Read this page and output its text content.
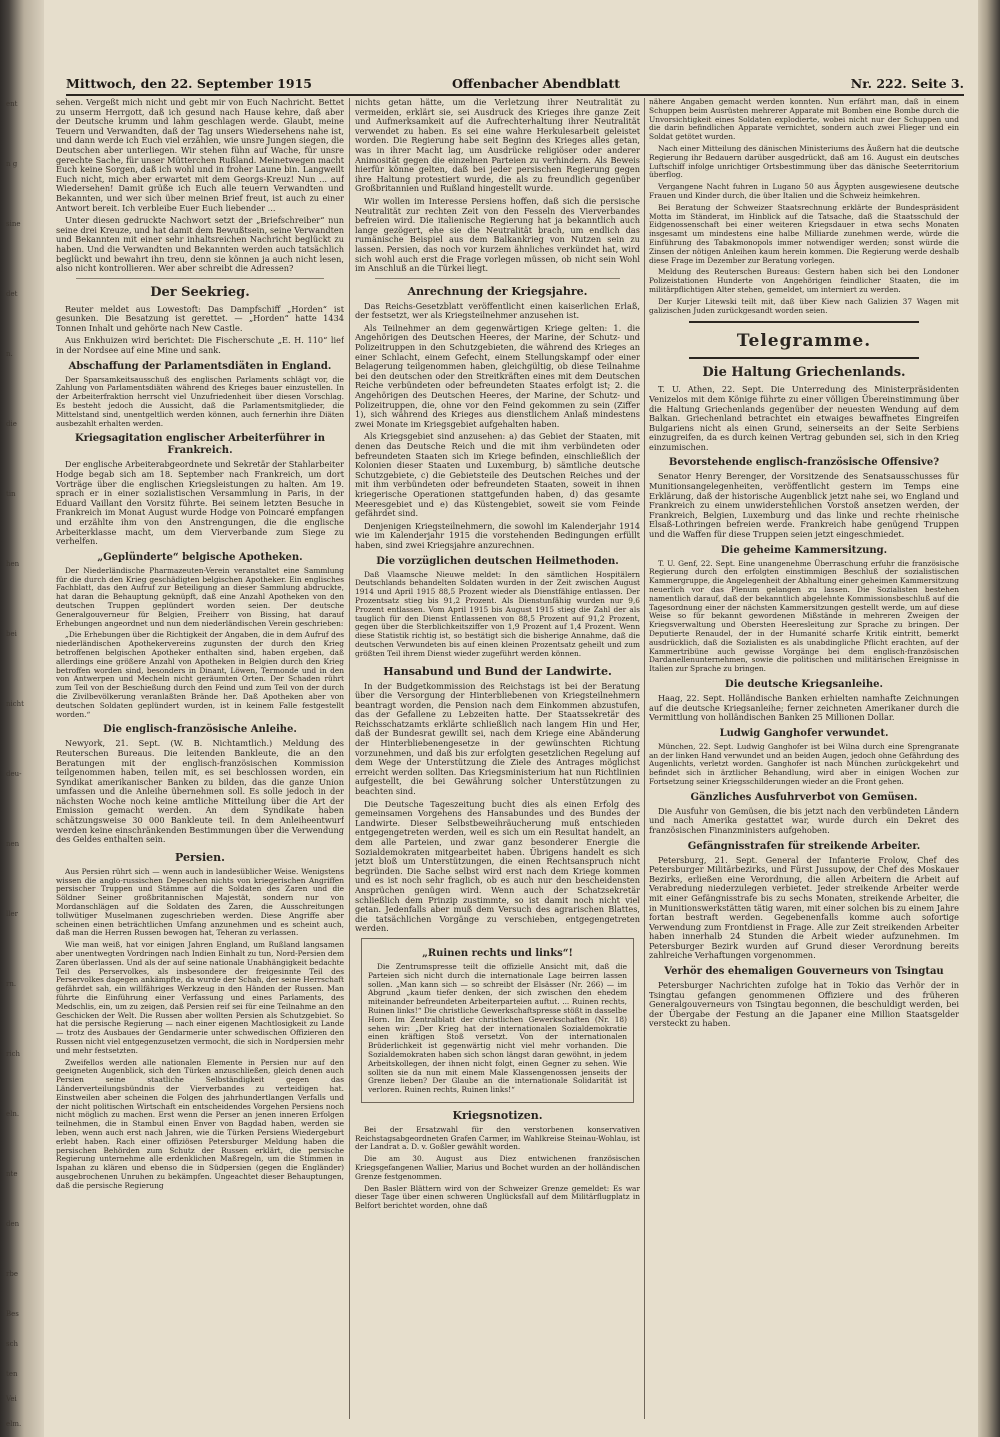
ent
n g
sine
det
n.
die
tin
hen
bei
nicht
deu-
nen
ller
rn.
rich
eln.
nte
den
rbe
Bes
sch
ten
Vei
elm.
Mittwoch, den 22. September 1915	Offenbacher Abendblatt	Nr. 222. Seite 3.

sehen. Vergeßt mich nicht und gebt mir von Euch Nachricht. Bettet zu unserm Herrgott, daß ich gesund nach Hause kehre, daß aber der Deutsche krumm und lahm geschlagen werde. Glaubt, meine Teuern und Verwandten, daß der Tag unsers Wiedersehens nahe ist, und dann werde ich Euch viel erzählen, wie unsre Jungen siegen, die Deutschen aber unterliegen. Wir stehen fühn auf Wache, für unsre gerechte Sache, für unser Mütterchen Rußland. Meinetwegen macht Euch keine Sorgen, daß ich wohl und in froher Laune bin. Langweilt Euch nicht, mich aber erwartet mit dem Georgs-Kreuz! Nun ... auf Wiedersehen! Damit grüße ich Euch alle teuern Verwandten und Bekannten, und wer sich über meinen Brief freut, ist auch zu einer Antwort bereit. Ich verbleibe Euer Euch liebender ...

Unter diesen gedruckte Nachwort setzt der „Briefschreiber“ nun seine drei Kreuze, und hat damit dem Bewußtsein, seine Verwandten und Bekannten mit einer sehr inhaltsreichen Nachricht beglückt zu haben. Und die Verwandten und Bekannten werden auch tatsächlich beglückt und bewahrt ihn treu, denn sie können ja auch nicht lesen, also nicht kontrollieren. Wer aber schreibt die Adressen?

Der Seekrieg.

Reuter meldet aus Lowestoft: Das Dampfschiff „Horden“ ist gesunken. Die Besatzung ist gerettet. — „Horden“ hatte 1434 Tonnen Inhalt und gehörte nach New Castle.

Aus Enkhuizen wird berichtet: Die Fischerschute „E. H. 110“ lief in der Nordsee auf eine Mine und sank.

Abschaffung der Parlamentsdiäten in England.

Der Sparsamkeitsausschuß des englischen Parlaments schlägt vor, die Zahlung von Parlamentsdiäten während des Krieges bauer einzustellen. In der Arbeiterfraktion herrscht viel Unzufriedenheit über diesen Vorschlag. Es besteht jedoch die Aussicht, daß die Parlamentsmitglieder, die Mittelstand sind, unentgeltlich werden können, auch fernerhin ihre Diäten ausbezahlt erhalten werden.

Kriegsagitation englischer Arbeiterführer in Frankreich.

Der englische Arbeiterabgeordnete und Sekretär der Stahlarbeiter Hodge begab sich am 18. September nach Frankreich, um dort Vorträge über die englischen Kriegsleistungen zu halten. Am 19. sprach er in einer sozialistischen Versammlung in Paris, in der Eduard Vaillant den Vorsitz führte. Bei seinem letzten Besuche in Frankreich im Monat August wurde Hodge von Poincaré empfangen und erzählte ihm von den Anstrengungen, die die englische Arbeiterklasse macht, um dem Vierverbande zum Siege zu verhelfen.

„Geplünderte“ belgische Apotheken.

Der Niederländische Pharmazeuten-Verein veranstaltet eine Sammlung für die durch den Krieg geschädigten belgischen Apotheker. Ein englisches Fachblatt, das den Aufruf zur Beteiligung an dieser Sammlung abdruckte, hat daran die Behauptung geknüpft, daß eine Anzahl Apotheken von den deutschen Truppen geplündert worden seien. Der deutsche Generalgouverneur für Belgien, Freiherr von Bissing, hat darauf Erhebungen angeordnet und nun dem niederländischen Verein geschrieben:

„Die Erhebungen über die Richtigkeit der Angaben, die in dem Aufruf des niederländischen Apothekervereins zugunsten der durch den Krieg betroffenen belgischen Apotheker enthalten sind, haben ergeben, daß allerdings eine größere Anzahl von Apotheken in Belgien durch den Krieg betroffen worden sind, besonders in Dinant, Löwen, Termonde und in den von Antwerpen und Mecheln nicht geräumten Orten. Der Schaden rührt zum Teil von der Beschießung durch den Feind und zum Teil von der durch die Zivilbevölkerung veranlaßten Brände her. Daß Apotheken aber von deutschen Soldaten geplündert wurden, ist in keinem Falle festgestellt worden.“

Die englisch-französische Anleihe.

Newyork, 21. Sept. (W. B. Nichtamtlich.) Meldung des Reuterschen Bureaus. Die leitenden Bankleute, die an den Beratungen mit der englisch-französischen Kommission teilgenommen haben, teilen mit, es sei beschlossen worden, ein Syndikat amerikanischer Banken zu bilden, das die ganze Union umfassen und die Anleihe übernehmen soll. Es solle jedoch in der nächsten Woche noch keine amtliche Mitteilung über die Art der Emission gemacht werden. An dem Syndikate haben schätzungsweise 30 000 Bankleute teil. In dem Anleiheentwurf werden keine einschränkenden Bestimmungen über die Verwendung des Geldes enthalten sein.

Persien.

Aus Persien rührt sich — wenn auch in landesüblicher Weise. Wenigstens wissen die anglo-russischen Depeschen nichts von kriegerischen Angriffen persischer Truppen und Stämme auf die Soldaten des Zaren und die Söldner Seiner großbritannischen Majestät, sondern nur von Mordanschlägen auf die Soldaten des Zaren, die Ausschreitungen tollwütiger Muselmanen zugeschrieben werden. Diese Angriffe aber scheinen einen beträchtlichen Umfang anzunehmen und es scheint auch, daß man die Herren Russen bewogen hat, Teheran zu verlassen.

Wie man weiß, hat vor einigen Jahren England, um Rußland langsamen aber unentwegten Vordringen nach Indien Einhalt zu tun, Nord-Persien dem Zaren überlassen. Und als der auf seine nationale Unabhängigkeit bedachte Teil des Perservolkes, als insbesondere der freigesinnte Teil des Perservolkes dagegen ankämpfte, da wurde der Schah, der seine Herrschaft gefährdet sah, ein willfähriges Werkzeug in den Händen der Russen. Man führte die Einführung einer Verfassung und eines Parlaments, des Medschlis, ein, um zu zeigen, daß Persien reif sei für eine Teilnahme an den Geschicken der Welt. Die Russen aber wollten Persien als Schutzgebiet. So hat die persische Regierung — nach einer eigenen Machtlosigkeit zu Lande — trotz des Ausbaues der Gendarmerie unter schwedischen Offizieren den Russen nicht viel entgegenzusetzen vermocht, die sich in Nordpersien mehr und mehr festsetzten.

Zweifellos werden alle nationalen Elemente in Persien nur auf den geeigneten Augenblick, sich den Türken anzuschließen, gleich denen auch Persien seine staatliche Selbständigkeit gegen das Länderverteilungsbündnis der Vierverbandes zu verteidigen hat. Einstweilen aber scheinen die Folgen des jahrhundertlangen Verfalls und der nicht politischen Wirtschaft ein entscheidendes Vorgehen Persiens noch nicht möglich zu machen. Erst wenn die Perser an jenen inneren Erfolgen teilnehmen, die in Stambul einen Enver von Bagdad haben, werden sie leben, wenn auch erst nach Jahren, wie die Türken Persiens Wiedergeburt erlebt haben. Rach einer offiziösen Petersburger Meldung haben die persischen Behörden zum Schutz der Russen erklärt, die persische Regierung unternehme alle erdenklichen Maßregeln, um die Stimmen in Ispahan zu klären und ebenso die in Südpersien (gegen die Engländer) ausgebrochenen Unruhen zu bekämpfen. Ungeachtet dieser Behauptungen, daß die persische Regierung

nichts getan hätte, um die Verletzung ihrer Neutralität zu vermeiden, erklärt sie, sei Ausdruck des Krieges ihre ganze Zeit und Aufmerksamkeit auf die Aufrechterhaltung ihrer Neutralität verwendet zu haben. Es sei eine wahre Herkulesarbeit geleistet worden. Die Regierung habe seit Beginn des Krieges alles getan, was in ihrer Macht lag, um Ausdrücke religiöser oder anderer Animosität gegen die einzelnen Parteien zu verhindern. Als Beweis hierfür könne gelten, daß bei jeder persischen Regierung gegen ihre Haltung protestiert wurde, die als zu freundlich gegenüber Großbritannien und Rußland hingestellt wurde.

Wir wollen im Interesse Persiens hoffen, daß sich die persische Neutralität zur rechten Zeit von den Fesseln des Vierverbandes befreien wird. Die italienische Regierung hat ja bekanntlich auch lange gezögert, ehe sie die Neutralität brach, um endlich das rumänische Beispiel aus dem Balkankrieg von Nutzen sein zu lassen. Persien, das noch vor kurzem ähnliches verkündet hat, wird sich wohl auch erst die Frage vorlegen müssen, ob nicht sein Wohl im Anschluß an die Türkei liegt.

Anrechnung der Kriegsjahre.

Das Reichs-Gesetzblatt veröffentlicht einen kaiserlichen Erlaß, der festsetzt, wer als Kriegsteilnehmer anzusehen ist.

Als Teilnehmer an dem gegenwärtigen Kriege gelten: 1. die Angehörigen des Deutschen Heeres, der Marine, der Schutz- und Polizeitruppen in den Schutzgebieten, die während des Krieges an einer Schlacht, einem Gefecht, einem Stellungskampf oder einer Belagerung teilgenommen haben, gleichgültig, ob diese Teilnahme bei den deutschen oder den Streitkräften eines mit dem Deutschen Reiche verbündeten oder befreundeten Staates erfolgt ist; 2. die Angehörigen des Deutschen Heeres, der Marine, der Schutz- und Polizeitruppen, die, ohne vor den Feind gekommen zu sein (Ziffer 1), sich während des Krieges aus dienstlichem Anlaß mindestens zwei Monate im Kriegsgebiet aufgehalten haben.

Als Kriegsgebiet sind anzusehen: a) das Gebiet der Staaten, mit denen das Deutsche Reich und die mit ihm verbündeten oder befreundeten Staaten sich im Kriege befinden, einschließlich der Kolonien dieser Staaten und Luxemburg, b) sämtliche deutsche Schutzgebiete, c) die Gebietsteile des Deutschen Reiches und der mit ihm verbündeten oder befreundeten Staaten, soweit in ihnen kriegerische Operationen stattgefunden haben, d) das gesamte Meeresgebiet und e) das Küstengebiet, soweit sie vom Feinde gefährdet sind.

Denjenigen Kriegsteilnehmern, die sowohl im Kalenderjahr 1914 wie im Kalenderjahr 1915 die vorstehenden Bedingungen erfüllt haben, sind zwei Kriegsjahre anzurechnen.

Die vorzüglichen deutschen Heilmethoden.

Daß Vlaamsche Nieuwe meldet: In den sämtlichen Hospitälern Deutschlands behandelten Soldaten wurden in der Zeit zwischen August 1914 und April 1915 88,5 Prozent wieder als Dienstfähige entlassen. Der Prozentsatz stieg bis 91,2 Prozent. Als Dienstunfähig wurden nur 9,6 Prozent entlassen. Vom April 1915 bis August 1915 stieg die Zahl der als tauglich für den Dienst Entlassenen von 88,5 Prozent auf 91,2 Prozent, gegen über die Sterblichkeitsziffer von 1,9 Prozent auf 1,4 Prozent. Wenn diese Statistik richtig ist, so bestätigt sich die bisherige Annahme, daß die deutschen Verwundeten bis auf einen kleinen Prozentsatz geheilt und zum größten Teil ihrem Dienst wieder zugeführt werden können.

Hansabund und Bund der Landwirte.

In der Budgetkommission des Reichstags ist bei der Beratung über die Versorgung der Hinterbliebenen von Kriegsteilnehmern beantragt worden, die Pension nach dem Einkommen abzustufen, das der Gefallene zu Lebzeiten hatte. Der Staatssekretär des Reichsschatzamts erklärte schließlich nach langem Hin und Her, daß der Bundesrat gewillt sei, nach dem Kriege eine Abänderung der Hinterbliebenengesetze in der gewünschten Richtung vorzunehmen, und daß bis zur erfolgten gesetzlichen Regelung auf dem Wege der Unterstützung die Ziele des Antrages möglichst erreicht werden sollten. Das Kriegsministerium hat nun Richtlinien aufgestellt, die bei Gewährung solcher Unterstützungen zu beachten sind.

Die Deutsche Tageszeitung bucht dies als einen Erfolg des gemeinsamen Vorgehens des Hansabundes und des Bundes der Landwirte. Dieser Selbstbeweihräucherung muß entschieden entgegengetreten werden, weil es sich um ein Resultat handelt, an dem alle Parteien, und zwar ganz besonderer Energie die Sozialdemokraten mitgearbeitet haben. Übrigens handelt es sich jetzt bloß um Unterstützungen, die einen Rechtsanspruch nicht begründen. Die Sache selbst wird erst nach dem Kriege kommen und es ist noch sehr fraglich, ob es auch nur den bescheidensten Ansprüchen genügen wird. Wenn auch der Schatzsekretär schließlich dem Prinzip zustimmte, so ist damit noch nicht viel getan. Jedenfalls aber muß dem Versuch des agrarischen Blattes, die tatsächlichen Vorgänge zu verschieben, entgegengetreten werden.

„Ruinen rechts und links“!

Die Zentrumspresse teilt die offizielle Ansicht mit, daß die Parteien sich nicht durch die internationale Lage beirren lassen sollen. „Man kann sich — so schreibt der Elsässer (Nr. 266) — im Abgrund „kaum tiefer denken, der sich zwischen den ehedem miteinander befreundeten Arbeiterparteien auftut. ... Ruinen rechts, Ruinen links!“ Die christliche Gewerkschaftspresse stößt in dasselbe Horn. Im Zentralblatt der christlichen Gewerkschaften (Nr. 18) sehen wir: „Der Krieg hat der internationalen Sozialdemokratie einen kräftigen Stoß versetzt. Von der internationalen Brüderlichkeit ist gegenwärtig nicht viel mehr vorhanden. Die Sozialdemokraten haben sich schon längst daran gewöhnt, in jedem Arbeitskollegen, der ihnen nicht folgt, einen Gegner zu sehen. Wie sollten sie da nun mit einem Male Klassengenossen jenseits der Grenze lieben? Der Glaube an die internationale Solidarität ist verloren. Ruinen rechts, Ruinen links!“

Kriegsnotizen.

Bei der Ersatzwahl für den verstorbenen konservativen Reichstagsabgeordneten Grafen Carmer, im Wahlkreise Steinau-Wohlau, ist der Landrat a. D. v. Goßler gewählt worden.

Die am 30. August aus Diez entwichenen französischen Kriegsgefangenen Wallier, Marius und Bochet wurden an der holländischen Grenze festgenommen.

Den Basler Blättern wird von der Schweizer Grenze gemeldet: Es war dieser Tage über einen schweren Unglücksfall auf dem Militärflugplatz in Belfort berichtet worden, ohne daß

nähere Angaben gemacht werden konnten. Nun erfährt man, daß in einem Schuppen beim Ausrüsten mehrerer Apparate mit Bomben eine Bombe durch die Unvorsichtigkeit eines Soldaten explodierte, wobei nicht nur der Schuppen und die darin befindlichen Apparate vernichtet, sondern auch zwei Flieger und ein Soldat getötet wurden.

Nach einer Mitteilung des dänischen Ministeriums des Äußern hat die deutsche Regierung ihr Bedauern darüber ausgedrückt, daß am 16. August ein deutsches Luftschiff infolge unrichtiger Ortsbestimmung über das dänische Seeterritorium überflog.

Vergangene Nacht fuhren in Lugano 50 aus Ägypten ausgewiesene deutsche Frauen und Kinder durch, die über Italien und die Schweiz heimkehren.

Bei Beratung der Schweizer Staatsrechnung erklärte der Bundespräsident Motta im Ständerat, im Hinblick auf die Tatsache, daß die Staatsschuld der Eidgenossenschaft bei einer weiteren Kriegsdauer in etwa sechs Monaten insgesamt um mindestens eine halbe Milliarde zunehmen werde, würde die Einführung des Tabakmonopols immer notwendiger werden; sonst würde die Zinsen der nötigen Anleihen kaum herein kommen. Die Regierung werde deshalb diese Frage im Dezember zur Beratung vorlegen.

Meldung des Reuterschen Bureaus: Gestern haben sich bei den Londoner Polizeistationen Hunderte von Angehörigen feindlicher Staaten, die im militärpflichtigen Alter stehen, gemeldet, um interniert zu werden.

Der Kurjer Litewski teilt mit, daß über Kiew nach Galizien 37 Wagen mit galizischen Juden zurückgesandt worden seien.

Telegramme.
Die Haltung Griechenlands.

T. U. Athen, 22. Sept. Die Unterredung des Ministerpräsidenten Venizelos mit dem Könige führte zu einer völligen Übereinstimmung über die Haltung Griechenlands gegenüber der neuesten Wendung auf dem Balkan. Griechenland betrachtet ein etwaiges bewaffnetes Eingreifen Bulgariens nicht als einen Grund, seinerseits an der Seite Serbiens einzugreifen, da es durch keinen Vertrag gebunden sei, sich in den Krieg einzumischen.

Bevorstehende englisch-französische Offensive?

Senator Henry Berenger, der Vorsitzende des Senatsausschusses für Munitionsangelegenheiten, veröffentlicht gestern im Temps eine Erklärung, daß der historische Augenblick jetzt nahe sei, wo England und Frankreich zu einem unwiderstehlichen Vorstoß ansetzen werden, der Frankreich, Belgien, Luxemburg und das linke und rechte rheinische Elsaß-Lothringen befreien werde. Frankreich habe genügend Truppen und die Waffen für diese Truppen seien jetzt eingeschmiedet.

Die geheime Kammersitzung.

T. U. Genf, 22. Sept. Eine unangenehme Überraschung erfuhr die französische Regierung durch den erfolgten einstimmigen Beschluß der sozialistischen Kammergruppe, die Angelegenheit der Abhaltung einer geheimen Kammersitzung neuerlich vor das Plenum gelangen zu lassen. Die Sozialisten bestehen namentlich darauf, daß der bekanntlich abgelehnte Kommissionsbeschluß auf die Tagesordnung einer der nächsten Kammersitzungen gestellt werde, um auf diese Weise so für bekannt gewordenen Mißstände in mehreren Zweigen der Kriegsverwaltung und Obersten Heeresleitung zur Sprache zu bringen. Der Deputierte Renaudel, der in der Humanité scharfe Kritik eintritt, bemerkt ausdrücklich, daß die Sozialisten es als unabdingliche Pflicht erachten, auf der Kammertribüne auch gewisse Vorgänge bei dem englisch-französischen Dardanellenunternehmen, sowie die politischen und militärischen Ereignisse in Italien zur Sprache zu bringen.

Die deutsche Kriegsanleihe.

Haag, 22. Sept. Holländische Banken erhielten namhafte Zeichnungen auf die deutsche Kriegsanleihe; ferner zeichneten Amerikaner durch die Vermittlung von holländischen Banken 25 Millionen Dollar.

Ludwig Ganghofer verwundet.

München, 22. Sept. Ludwig Ganghofer ist bei Wilna durch eine Sprengranate an der linken Hand verwundet und an beiden Augen, jedoch ohne Gefährdung des Augenlichts, verletzt worden. Ganghofer ist nach München zurückgekehrt und befindet sich in ärztlicher Behandlung, wird aber in einigen Wochen zur Fortsetzung seiner Kriegsschilderungen wieder an die Front gehen.

Gänzliches Ausfuhrverbot von Gemüsen.

Die Ausfuhr von Gemüsen, die bis jetzt nach den verbündeten Ländern und nach Amerika gestattet war, wurde durch ein Dekret des französischen Finanzministers aufgehoben.

Gefängnisstrafen für streikende Arbeiter.

Petersburg, 21. Sept. General der Infanterie Frolow, Chef des Petersburger Militärbezirks, und Fürst Jussupow, der Chef des Moskauer Bezirks, erließen eine Verordnung, die allen Arbeitern die Arbeit auf Verabredung niederzulegen verbietet. Jeder streikende Arbeiter werde mit einer Gefängnisstrafe bis zu sechs Monaten, streikende Arbeiter, die in Munitionswerkstätten tätig waren, mit einer solchen bis zu einem Jahre fortan bestraft werden. Gegebenenfalls komme auch sofortige Verwendung zum Frontdienst in Frage. Alle zur Zeit streikenden Arbeiter haben innerhalb 24 Stunden die Arbeit wieder aufzunehmen. Im Petersburger Bezirk wurden auf Grund dieser Verordnung bereits zahlreiche Verhaftungen vorgenommen.

Verhör des ehemaligen Gouverneurs von Tsingtau

Petersburger Nachrichten zufolge hat in Tokio das Verhör der in Tsingtau gefangen genommenen Offiziere und des früheren Generalgouverneurs von Tsingtau begonnen, die beschuldigt werden, bei der Übergabe der Festung an die Japaner eine Million Staatsgelder versteckt zu haben.
